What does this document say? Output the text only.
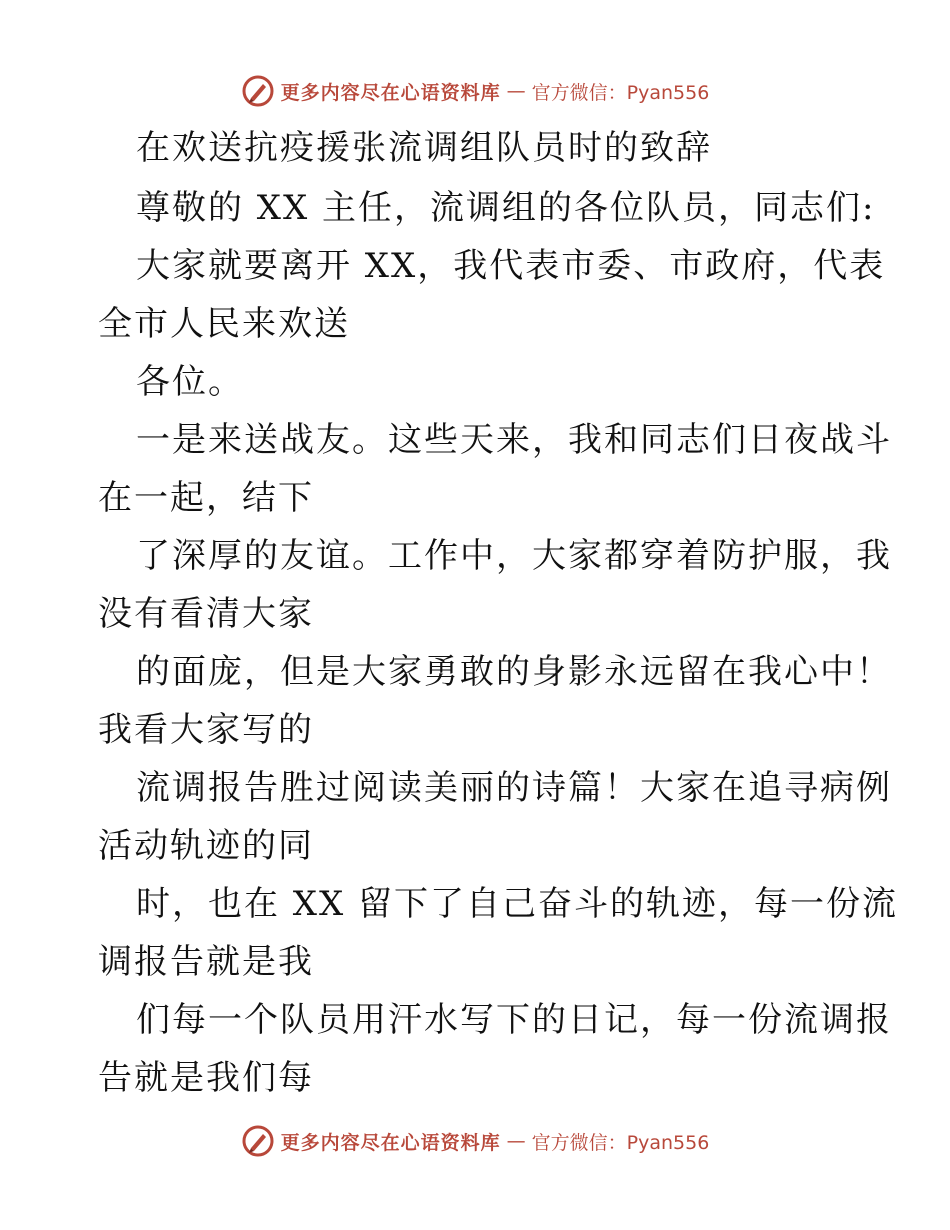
更多内容尽在心语资料库 — 官方微信：Pyan556
在欢送抗疫援张流调组队员时的致辞
尊敬的 XX 主任，流调组的各位队员，同志们:
大家就要离开 XX，我代表市委、市政府，代表
全市人民来欢送
各位。
一是来送战友。这些天来，我和同志们日夜战斗
在一起，结下
了深厚的友谊。工作中，大家都穿着防护服，我
没有看清大家
的面庞，但是大家勇敢的身影永远留在我心中！
我看大家写的
流调报告胜过阅读美丽的诗篇！大家在追寻病例
活动轨迹的同
时，也在 XX 留下了自己奋斗的轨迹，每一份流
调报告就是我
们每一个队员用汗水写下的日记，每一份流调报
告就是我们每
更多内容尽在心语资料库 — 官方微信：Pyan556
